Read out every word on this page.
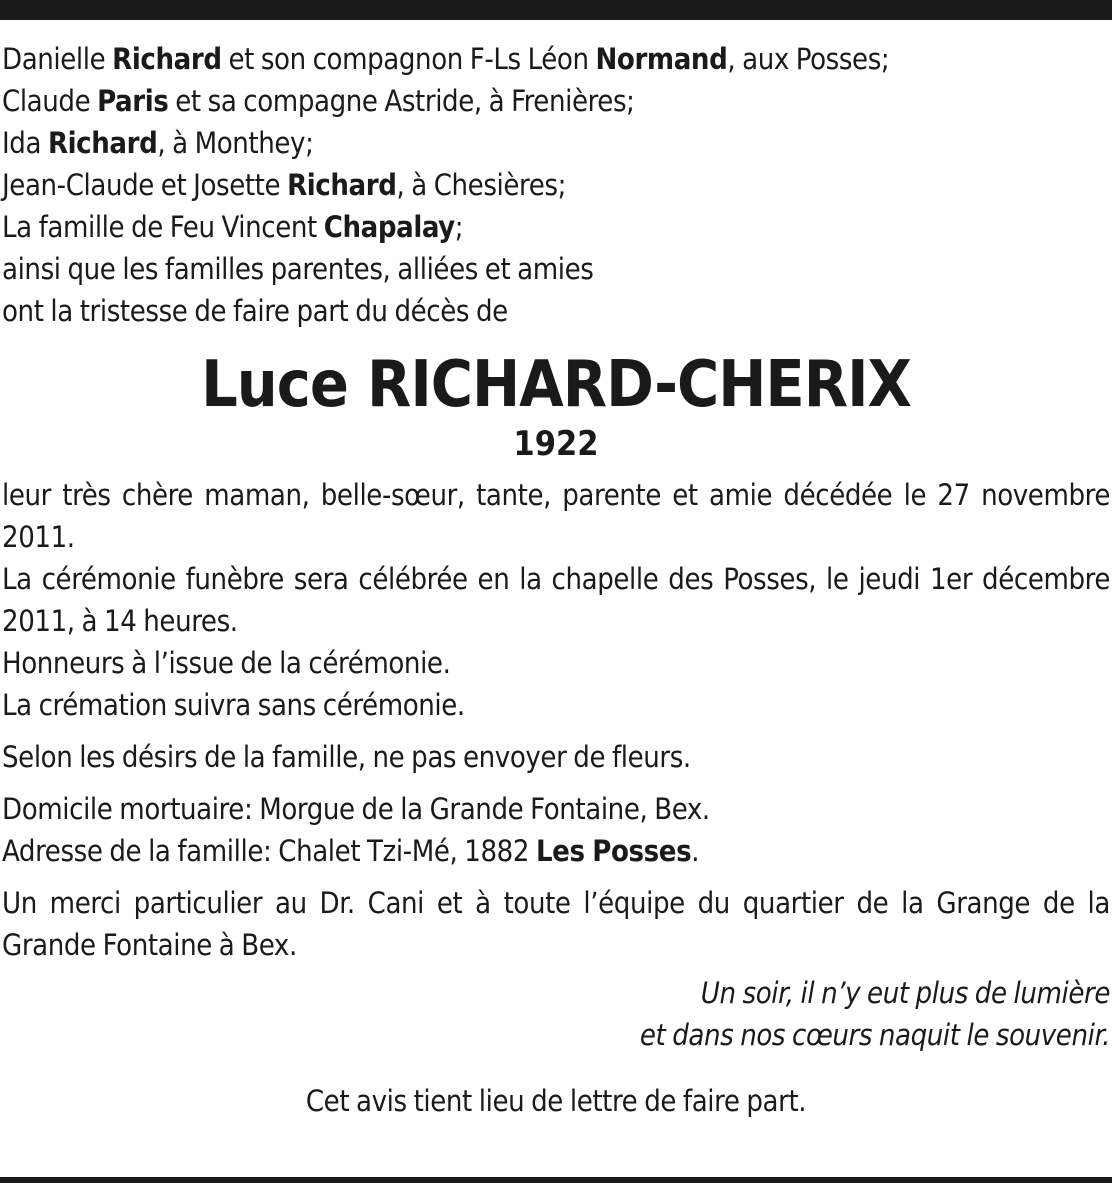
Danielle Richard et son compagnon F-Ls Léon Normand, aux Posses;
Claude Paris et sa compagne Astride, à Frenières;
Ida Richard, à Monthey;
Jean-Claude et Josette Richard, à Chesières;
La famille de Feu Vincent Chapalay;
ainsi que les familles parentes, alliées et amies
ont la tristesse de faire part du décès de
Luce RICHARD-CHERIX
1922
leur très chère maman, belle-sœur, tante, parente et amie décédée le 27 novembre 2011.
La cérémonie funèbre sera célébrée en la chapelle des Posses, le jeudi 1er décembre 2011, à 14 heures.
Honneurs à l’issue de la cérémonie.
La crémation suivra sans cérémonie.
Selon les désirs de la famille, ne pas envoyer de fleurs.
Domicile mortuaire: Morgue de la Grande Fontaine, Bex.
Adresse de la famille: Chalet Tzi-Mé, 1882 Les Posses.
Un merci particulier au Dr. Cani et à toute l’équipe du quartier de la Grange de la Grande Fontaine à Bex.
Un soir, il n’y eut plus de lumière
et dans nos cœurs naquit le souvenir.
Cet avis tient lieu de lettre de faire part.
